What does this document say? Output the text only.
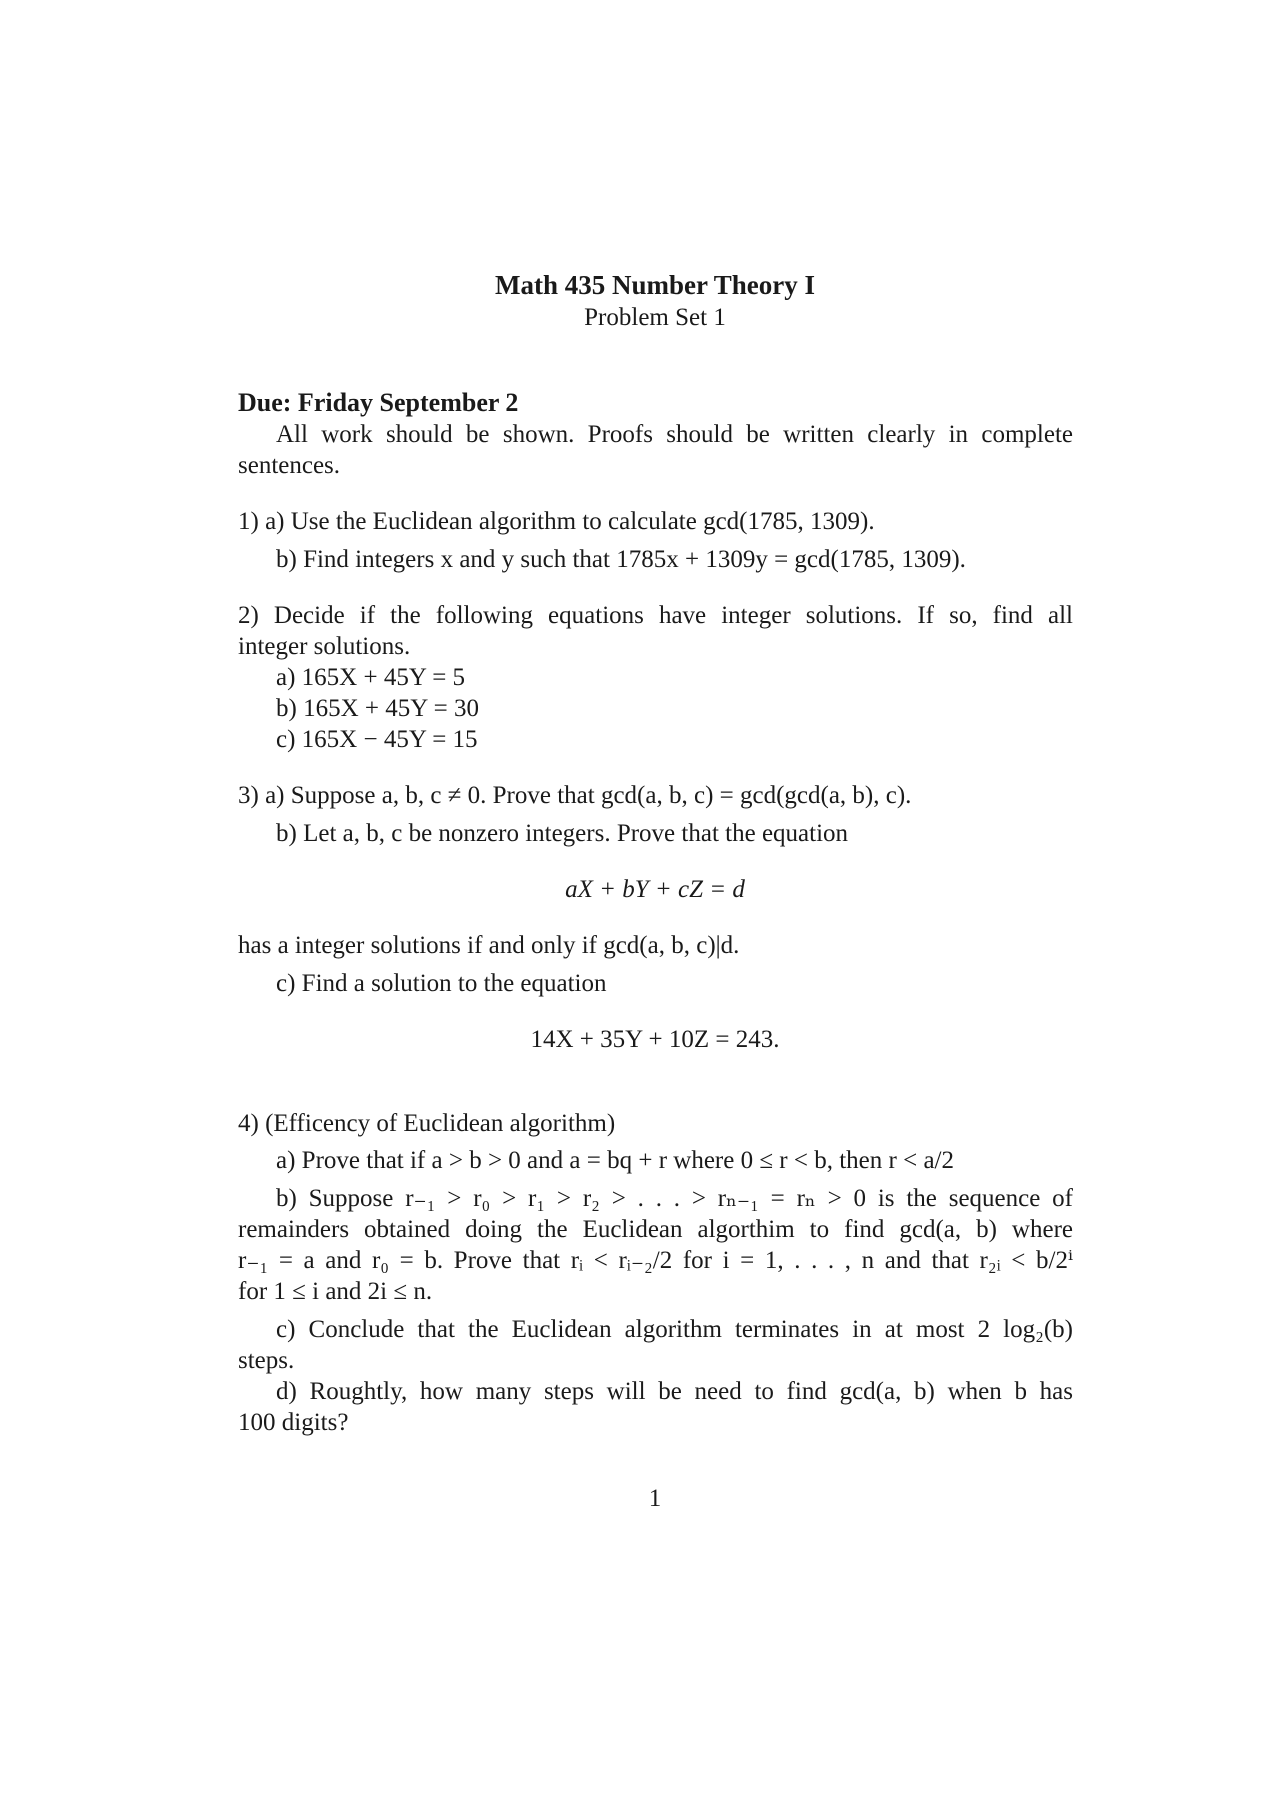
Math 435 Number Theory I
Problem Set 1
Due: Friday September 2
All work should be shown. Proofs should be written clearly in complete
sentences.
1) a) Use the Euclidean algorithm to calculate gcd(1785, 1309).
b) Find integers x and y such that 1785x + 1309y = gcd(1785, 1309).
2) Decide if the following equations have integer solutions. If so, find all
integer solutions.
a) 165X + 45Y = 5
b) 165X + 45Y = 30
c) 165X − 45Y = 15
3) a) Suppose a, b, c ≠ 0. Prove that gcd(a, b, c) = gcd(gcd(a, b), c).
b) Let a, b, c be nonzero integers. Prove that the equation
aX + bY + cZ = d
has a integer solutions if and only if gcd(a, b, c)|d.
c) Find a solution to the equation
14X + 35Y + 10Z = 243.
4) (Efficency of Euclidean algorithm)
a) Prove that if a > b > 0 and a = bq + r where 0 ≤ r < b, then r < a/2
b) Suppose r₋₁ > r₀ > r₁ > r₂ > . . . > rₙ₋₁ = rₙ > 0 is the sequence of
remainders obtained doing the Euclidean algorthim to find gcd(a, b) where
r₋₁ = a and r₀ = b. Prove that rᵢ < rᵢ₋₂/2 for i = 1, . . . , n and that r₂ᵢ < b/2ⁱ
for 1 ≤ i and 2i ≤ n.
c) Conclude that the Euclidean algorithm terminates in at most 2 log₂(b)
steps.
d) Roughtly, how many steps will be need to find gcd(a, b) when b has
100 digits?
1
